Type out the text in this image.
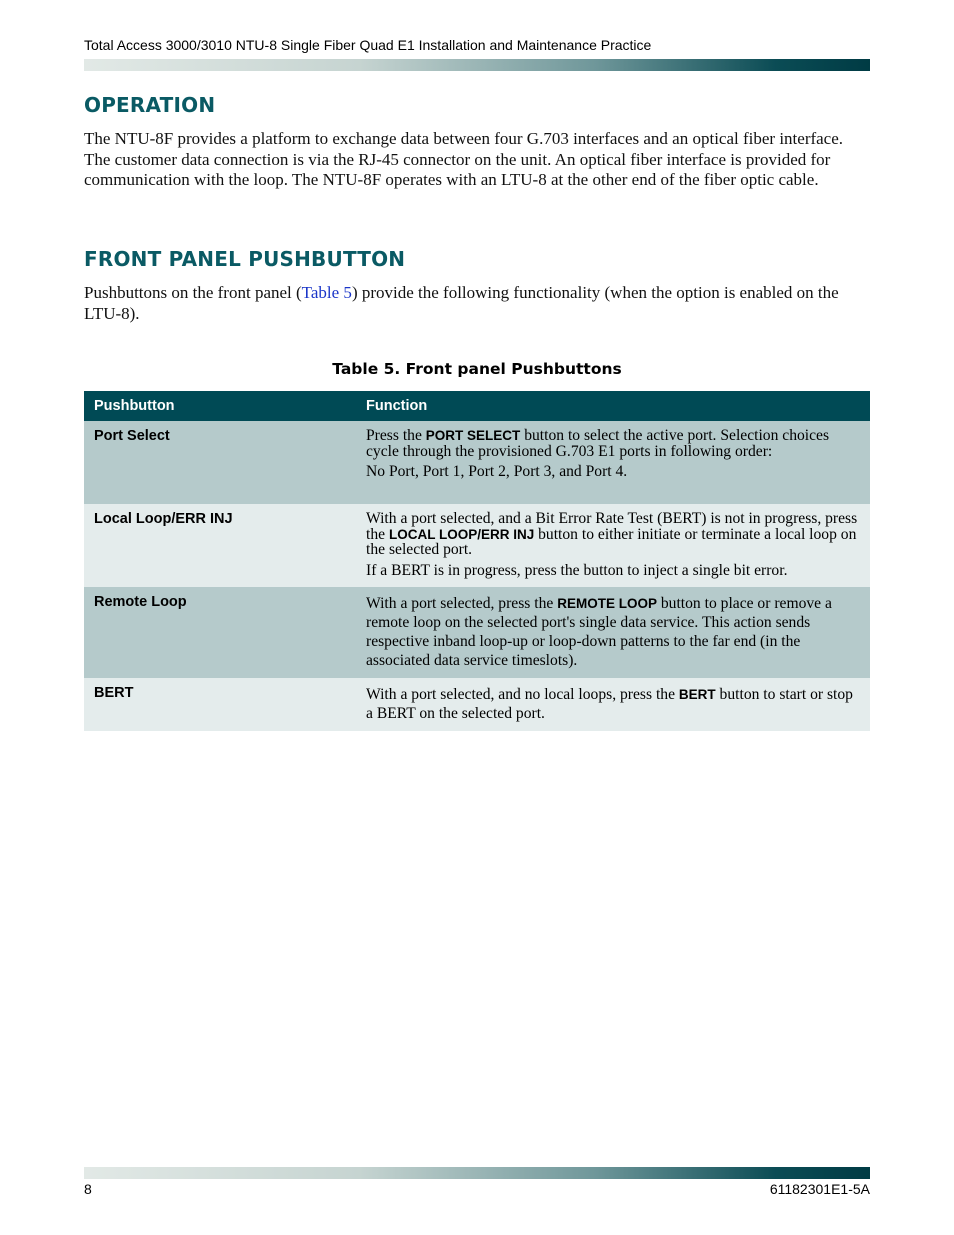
Total Access 3000/3010 NTU-8 Single Fiber Quad E1 Installation and Maintenance Practice
OPERATION

The NTU-8F provides a platform to exchange data between four G.703 interfaces and an optical fiber interface. The customer data connection is via the RJ-45 connector on the unit. An optical fiber interface is provided for communication with the loop. The NTU-8F operates with an LTU-8 at the other end of the fiber optic cable.

FRONT PANEL PUSHBUTTON

Pushbuttons on the front panel (Table 5) provide the following functionality (when the option is enabled on the LTU-8).

Table 5. Front panel Pushbuttons
Pushbutton	Function
Port Select	Press the PORT SELECT button to select the active port. Selection choices cycle through the provisioned G.703 E1 ports in following order:

No Port, Port 1, Port 2, Port 3, and Port 4.

Local Loop/ERR INJ	With a port selected, and a Bit Error Rate Test (BERT) is not in progress, press the LOCAL LOOP/ERR INJ button to either initiate or terminate a local loop on the selected port.

If a BERT is in progress, press the button to inject a single bit error.

Remote Loop	With a port selected, press the REMOTE LOOP button to place or remove a remote loop on the selected port's single data service. This action sends respective inband loop-up or loop-down patterns to the far end (in the associated data service timeslots).

BERT	With a port selected, and no local loops, press the BERT button to start or stop a BERT on the selected port.

8	61182301E1-5A
